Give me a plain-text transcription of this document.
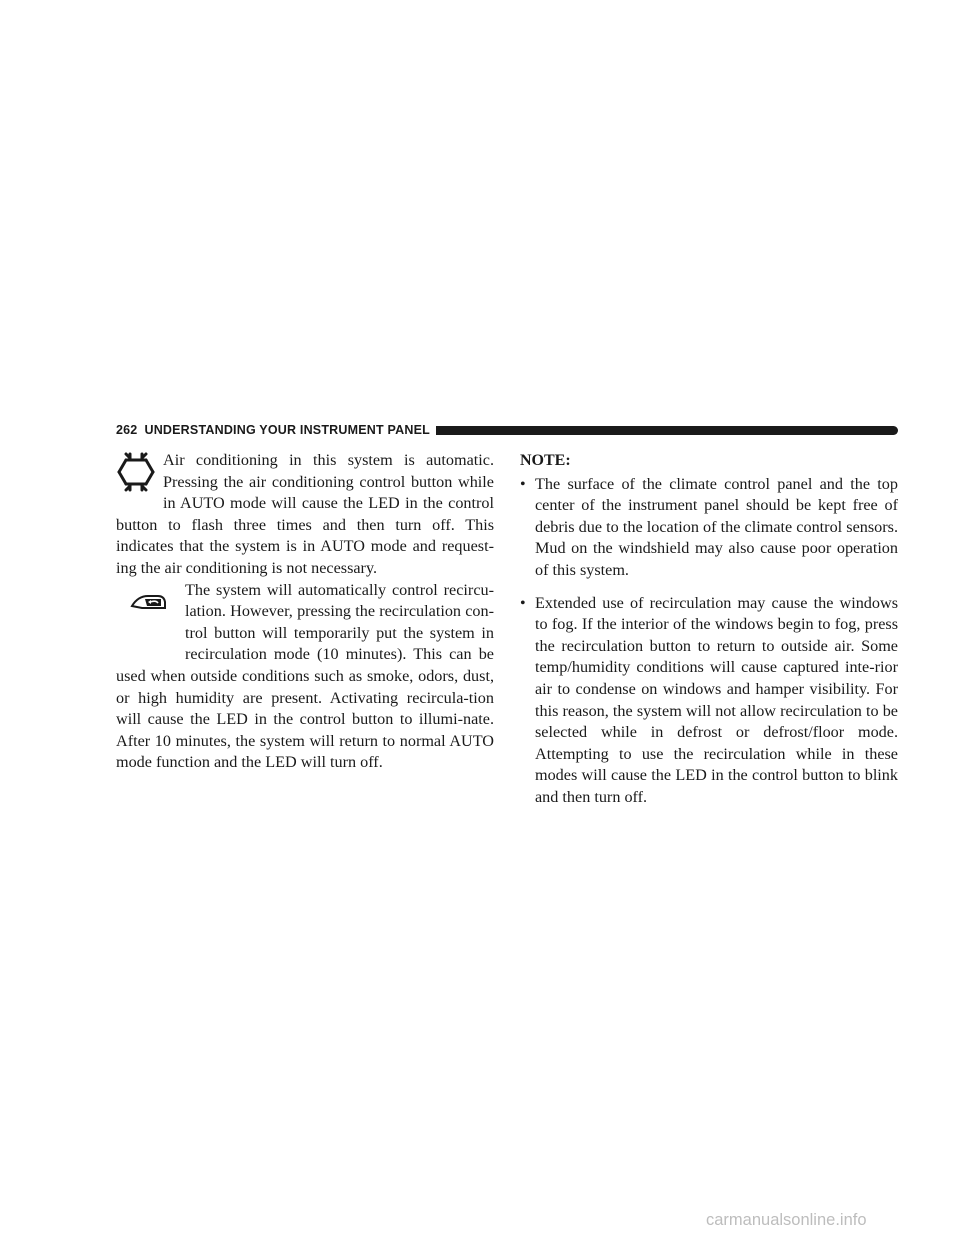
262 UNDERSTANDING YOUR INSTRUMENT PANEL

Air conditioning in this system is automatic.

Pressing the air conditioning control button while

in AUTO mode will cause the LED in the control

button to flash three times and then turn off. This indicates that the system is in AUTO mode and request-ing the air conditioning is not necessary.

The system will automatically control recircu-

lation. However, pressing the recirculation con-

trol button will temporarily put the system in

recirculation mode (10 minutes). This can be

used when outside conditions such as smoke, odors, dust, or high humidity are present. Activating recircula-tion will cause the LED in the control button to illumi-nate. After 10 minutes, the system will return to normal AUTO mode function and the LED will turn off.

NOTE:
• The surface of the climate control panel and the top center of the instrument panel should be kept free of debris due to the location of the climate control sensors. Mud on the windshield may also cause poor operation of this system.
• Extended use of recirculation may cause the windows to fog. If the interior of the windows begin to fog, press the recirculation button to return to outside air. Some temp/humidity conditions will cause captured inte-rior air to condense on windows and hamper visibility. For this reason, the system will not allow recirculation to be selected while in defrost or defrost/floor mode. Attempting to use the recirculation while in these modes will cause the LED in the control button to blink and then turn off.
carmanualsonline.info
